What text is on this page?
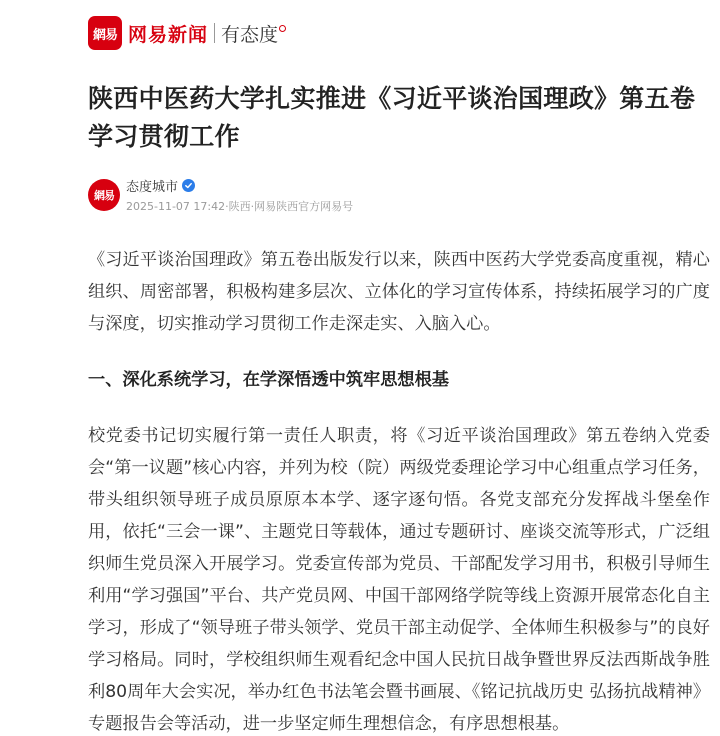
網易 网易新闻 有态度
陕西中医药大学扎实推进《习近平谈治国理政》第五卷学习贯彻工作
網易
态度城市
2025-11-07 17:42·陕西·网易陕西官方网易号

《习近平谈治国理政》第五卷出版发行以来，陕西中医药大学党委高度重视，精心组织、周密部署，积极构建多层次、立体化的学习宣传体系，持续拓展学习的广度与深度，切实推动学习贯彻工作走深走实、入脑入心。

一、深化系统学习，在学深悟透中筑牢思想根基

校党委书记切实履行第一责任人职责，将《习近平谈治国理政》第五卷纳入党委会“第一议题”核心内容，并列为校（院）两级党委理论学习中心组重点学习任务，带头组织领导班子成员原原本本学、逐字逐句悟。各党支部充分发挥战斗堡垒作用，依托“三会一课”、主题党日等载体，通过专题研讨、座谈交流等形式，广泛组织师生党员深入开展学习。党委宣传部为党员、干部配发学习用书，积极引导师生利用“学习强国”平台、共产党员网、中国干部网络学院等线上资源开展常态化自主学习，形成了“领导班子带头领学、党员干部主动促学、全体师生积极参与”的良好学习格局。同时，学校组织师生观看纪念中国人民抗日战争暨世界反法西斯战争胜利80周年大会实况，举办红色书法笔会暨书画展、《铭记抗战历史 弘扬抗战精神》专题报告会等活动，进一步坚定师生理想信念，有序思想根基。
